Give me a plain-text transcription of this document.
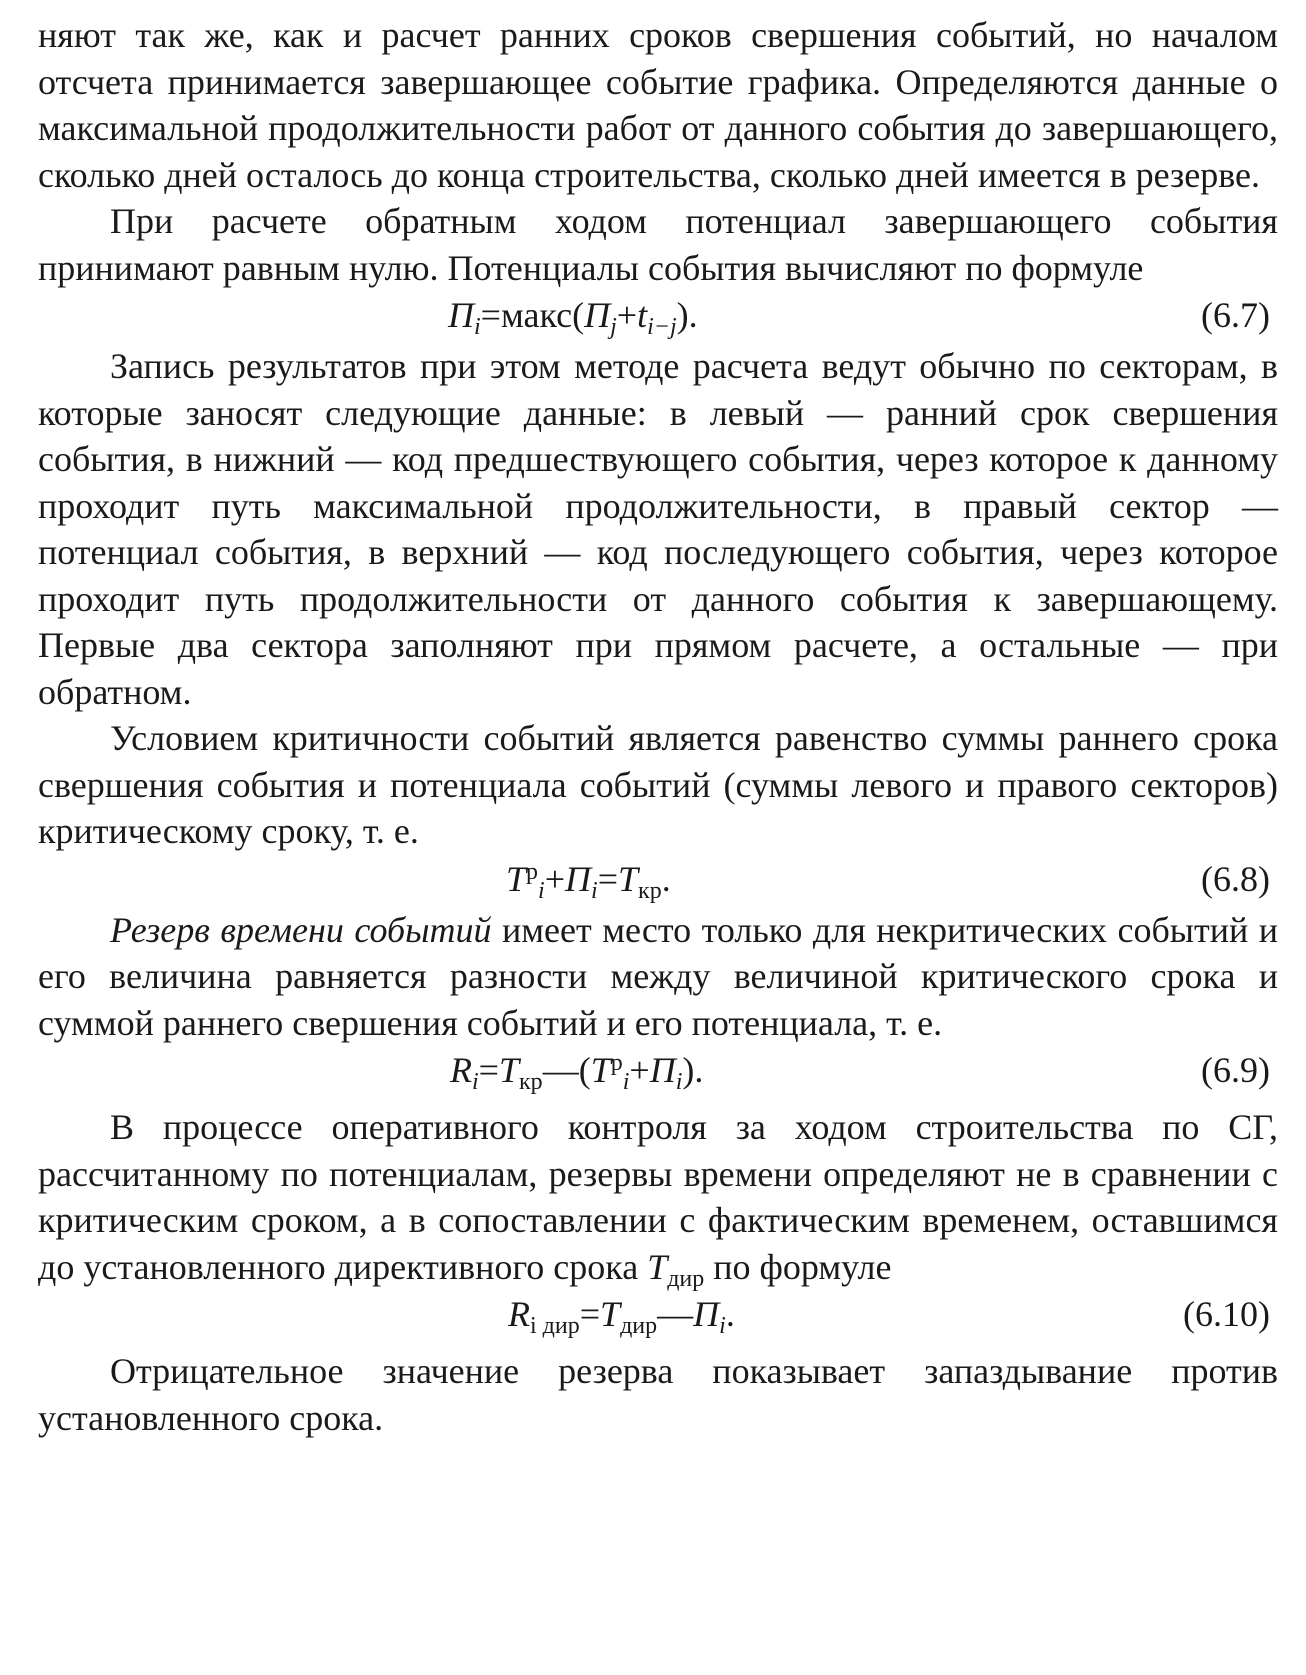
няют так же, как и расчет ранних сроков свершения событий, но началом отсчета принимается завершающее событие графика. Определяются данные о максимальной продолжительности работ от данного события до завершающего, сколько дней осталось до конца строительства, сколько дней имеется в резерве.

При расчете обратным ходом потенциал завершающего события принимают равным нулю. Потенциалы события вычисляют по формуле

$П_i=макс(П_j+t_{i-j})$.	(6.7)

Запись результатов при этом методе расчета ведут обычно по секторам, в которые заносят следующие данные: в левый — ранний срок свершения события, в нижний — код предшествующего события, через которое к данному проходит путь максимальной продолжительности, в правый сектор — потенциал события, в верхний — код последующего события, через которое проходит путь продолжительности от данного события к завершающему. Первые два сектора заполняют при прямом расчете, а остальные — при обратном.

Условием критичности событий является равенство суммы раннего срока свершения события и потенциала событий (суммы левого и правого секторов) критическому сроку, т. е.

$T^р_i+П_i=T_{кр}$.	(6.8)

Резерв времени событий имеет место только для некритических событий и его величина равняется разности между величиной критического срока и суммой раннего свершения событий и его потенциала, т. е.

$R_i=T_{кр}—(T^р_i+П_i)$.	(6.9)

В процессе оперативного контроля за ходом строительства по СГ, рассчитанному по потенциалам, резервы времени определяют не в сравнении с критическим сроком, а в сопоставлении с фактическим временем, оставшимся до установленного директивного срока $T_{дир}$ по формуле

$R_{i дир}=T_{дир}—П_i$.	(6.10)

Отрицательное значение резерва показывает запаздывание против установленного срока.
